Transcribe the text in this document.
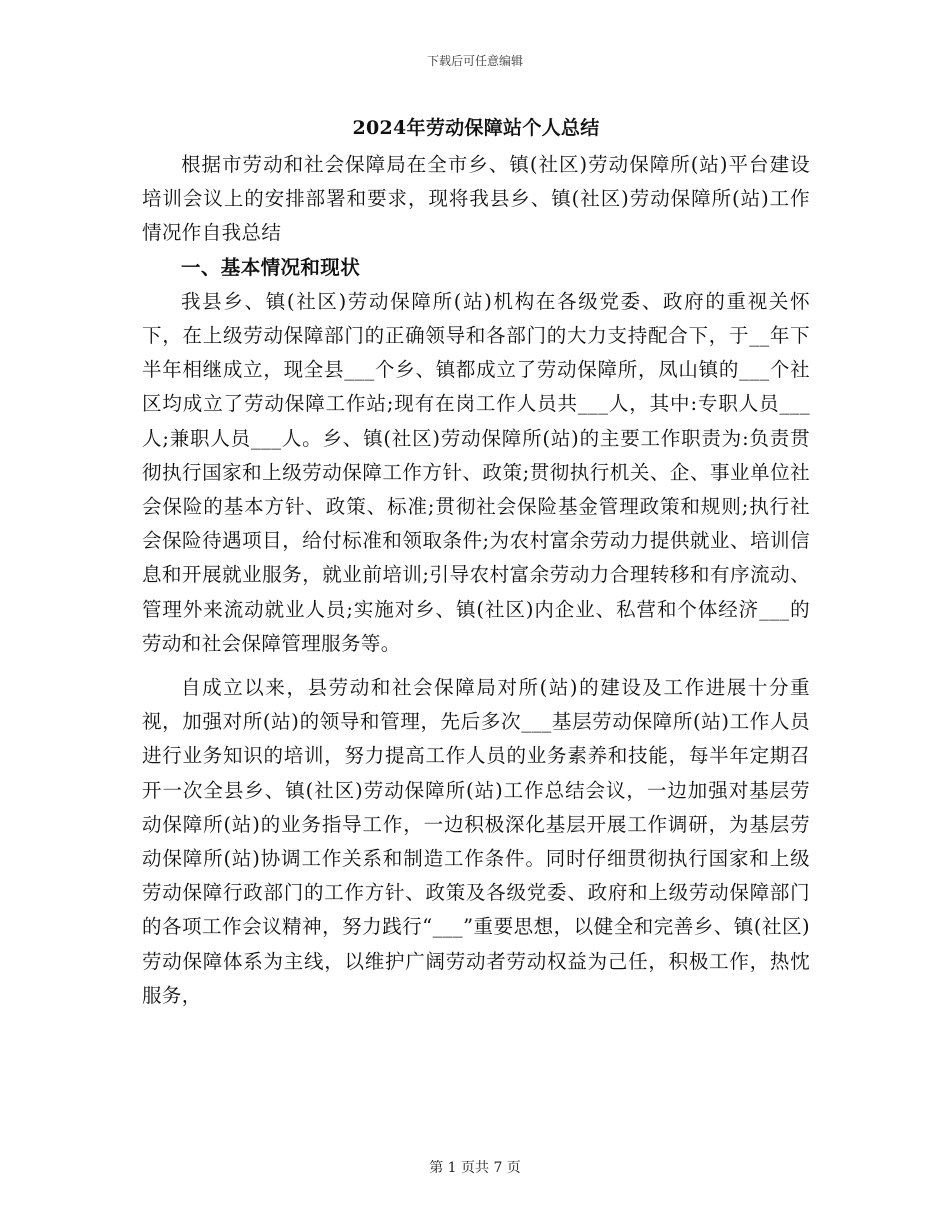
下载后可任意编辑
2024年劳动保障站个人总结

根据市劳动和社会保障局在全市乡、镇(社区)劳动保障所(站)平台建设培训会议上的安排部署和要求，现将我县乡、镇(社区)劳动保障所(站)工作情况作自我总结

一、基本情况和现状

我县乡、镇(社区)劳动保障所(站)机构在各级党委、政府的重视关怀下，在上级劳动保障部门的正确领导和各部门的大力支持配合下，于__年下半年相继成立，现全县___个乡、镇都成立了劳动保障所，凤山镇的___个社区均成立了劳动保障工作站;现有在岗工作人员共___人，其中:专职人员___人;兼职人员___人。乡、镇(社区)劳动保障所(站)的主要工作职责为:负责贯彻执行国家和上级劳动保障工作方针、政策;贯彻执行机关、企、事业单位社会保险的基本方针、政策、标准;贯彻社会保险基金管理政策和规则;执行社会保险待遇项目，给付标准和领取条件;为农村富余劳动力提供就业、培训信息和开展就业服务，就业前培训;引导农村富余劳动力合理转移和有序流动、管理外来流动就业人员;实施对乡、镇(社区)内企业、私营和个体经济___的劳动和社会保障管理服务等。

自成立以来，县劳动和社会保障局对所(站)的建设及工作进展十分重视，加强对所(站)的领导和管理，先后多次___基层劳动保障所(站)工作人员进行业务知识的培训，努力提高工作人员的业务素养和技能，每半年定期召开一次全县乡、镇(社区)劳动保障所(站)工作总结会议，一边加强对基层劳动保障所(站)的业务指导工作，一边积极深化基层开展工作调研，为基层劳动保障所(站)协调工作关系和制造工作条件。同时仔细贯彻执行国家和上级劳动保障行政部门的工作方针、政策及各级党委、政府和上级劳动保障部门的各项工作会议精神，努力践行“___”重要思想，以健全和完善乡、镇(社区)劳动保障体系为主线，以维护广阔劳动者劳动权益为己任，积极工作，热忱服务，

第 1 页共 7 页
